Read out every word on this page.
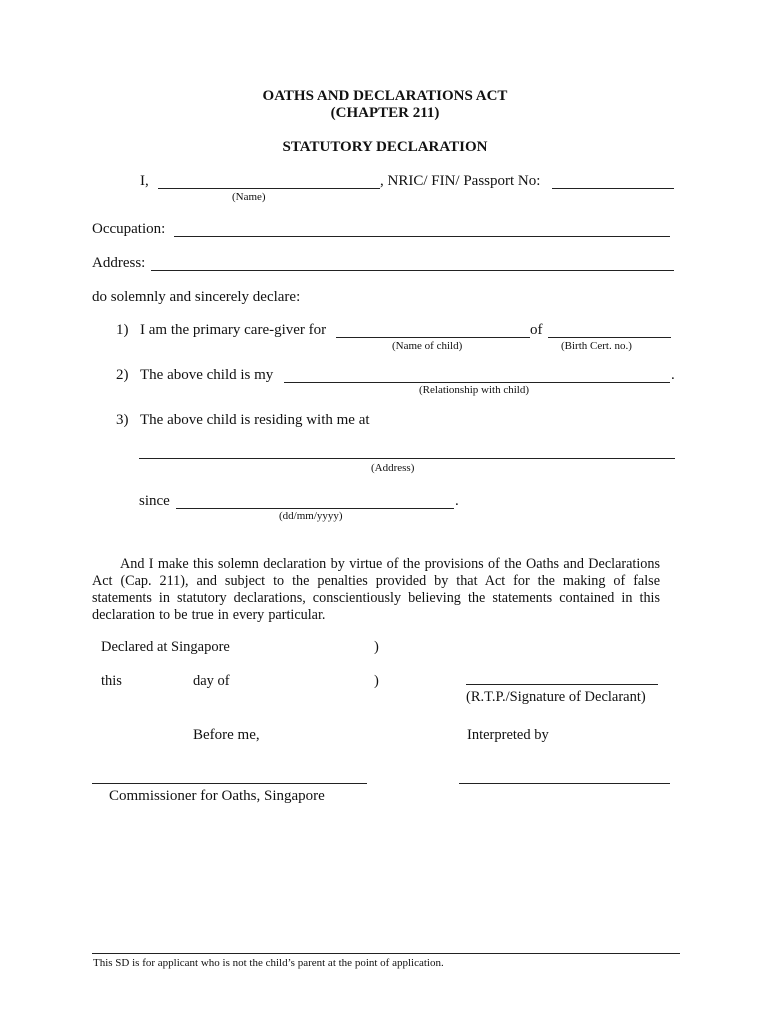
OATHS AND DECLARATIONS ACT
(CHAPTER 211)
STATUTORY DECLARATION
I,	, NRIC/ FIN/ Passport No:
(Name)
Occupation:
Address:
do solemnly and sincerely declare:
1) I am the primary care-giver for	of
(Name of child)	(Birth Cert. no.)
2) The above child is my	.
(Relationship with child)
3) The above child is residing with me at
(Address)
since	.
(dd/mm/yyyy)
And I make this solemn declaration by virtue of the provisions of the Oaths and Declarations Act (Cap. 211), and subject to the penalties provided by that Act for the making of false statements in statutory declarations, conscientiously believing the statements contained in this declaration to be true in every particular.
Declared at Singapore	)
this	day of	)
(R.T.P./Signature of Declarant)
Before me,	Interpreted by
Commissioner for Oaths, Singapore
This SD is for applicant who is not the child’s parent at the point of application.
